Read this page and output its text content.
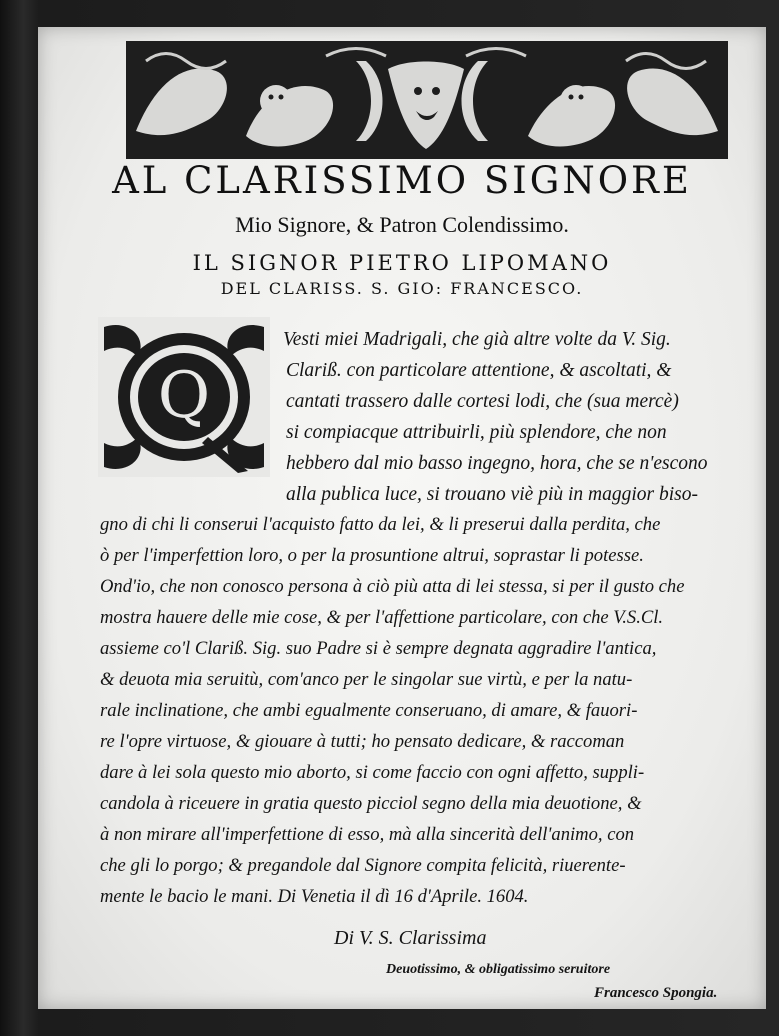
AL CLARISSIMO SIGNORE
Mio Signore, & Patron Colendissimo.
IL SIGNOR PIETRO LIPOMANO
DEL CLARISS. S. GIO: FRANCESCO.
Q
Vesti miei Madrigali, che già altre volte da V. Sig.
Clariß. con particolare attentione, & ascoltati, &
cantati trassero dalle cortesi lodi, che (sua mercè)
si compiacque attribuirli, più splendore, che non
hebbero dal mio basso ingegno, hora, che se n'escono
alla publica luce, si trouano viè più in maggior biso-
gno di chi li conserui l'acquisto fatto da lei, & li preserui dalla perdita, che
ò per l'imperfettion loro, o per la prosuntione altrui, soprastar li potesse.
Ond'io, che non conosco persona à ciò più atta di lei stessa, si per il gusto che
mostra hauere delle mie cose, & per l'affettione particolare, con che V.S.Cl.
assieme co'l Clariß. Sig. suo Padre si è sempre degnata aggradire l'antica,
& deuota mia seruitù, com'anco per le singolar sue virtù, e per la natu-
rale inclinatione, che ambi egualmente conseruano, di amare, & fauori-
re l'opre virtuose, & giouare à tutti; ho pensato dedicare, & raccoman
dare à lei sola questo mio aborto, si come faccio con ogni affetto, suppli-
candola à riceuere in gratia questo picciol segno della mia deuotione, &
à non mirare all'imperfettione di esso, mà alla sincerità dell'animo, con
che gli lo porgo; & pregandole dal Signore compita felicità, riuerente-
mente le bacio le mani. Di Venetia il dì 16 d'Aprile. 1604.
Di V. S. Clarissima
Deuotissimo, & obligatissimo seruitore
Francesco Spongia.
